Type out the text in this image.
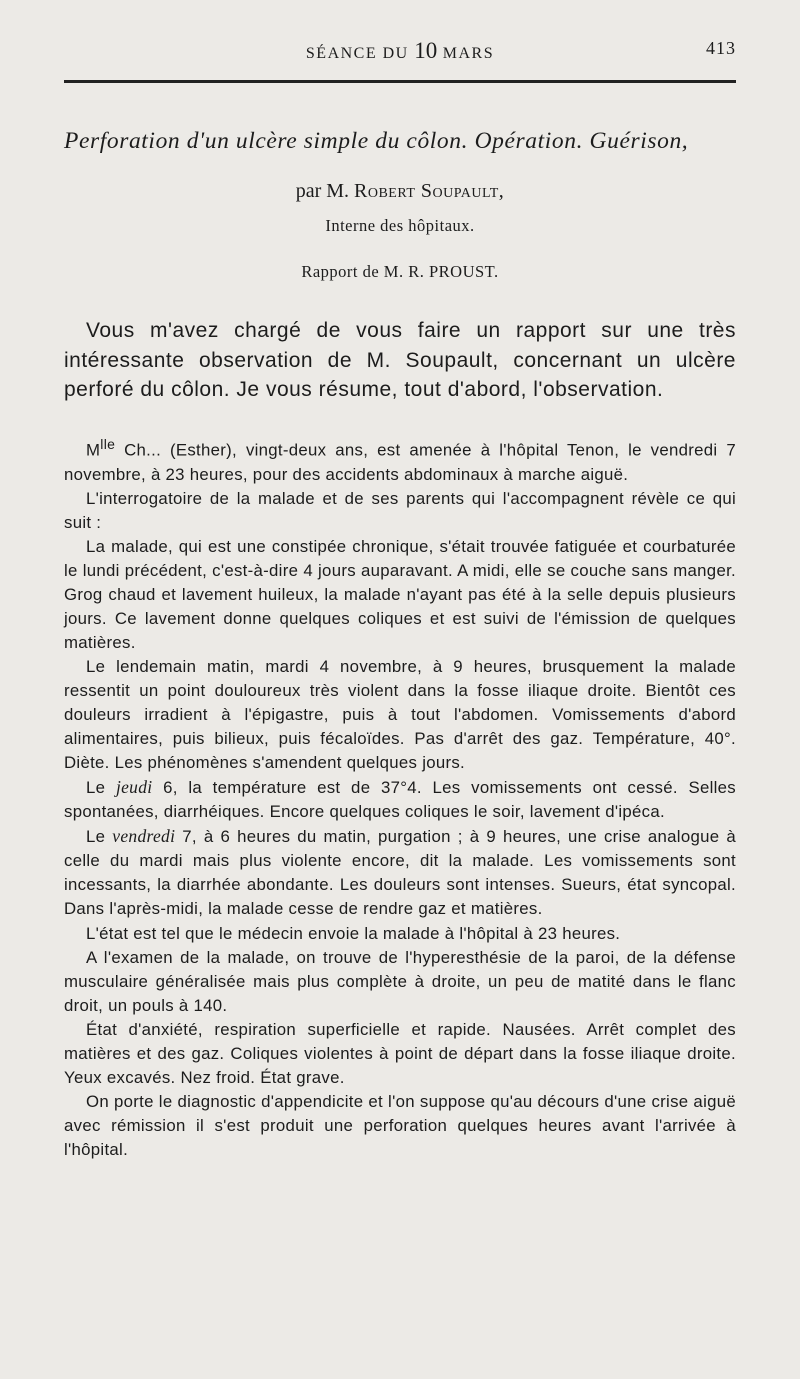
SÉANCE DU 10 MARS	413
Perforation d'un ulcère simple du côlon. Opération. Guérison,
par M. Robert Soupault,
Interne des hôpitaux.
Rapport de M. R. PROUST.

Vous m'avez chargé de vous faire un rapport sur une très intéressante observation de M. Soupault, concernant un ulcère perforé du côlon. Je vous résume, tout d'abord, l'observation.

$M^{lle}$ Ch... (Esther), vingt-deux ans, est amenée à l'hôpital Tenon, le vendredi 7 novembre, à 23 heures, pour des accidents abdominaux à marche aiguë.

L'interrogatoire de la malade et de ses parents qui l'accompagnent révèle ce qui suit :

La malade, qui est une constipée chronique, s'était trouvée fatiguée et courbaturée le lundi précédent, c'est-à-dire 4 jours auparavant. A midi, elle se couche sans manger. Grog chaud et lavement huileux, la malade n'ayant pas été à la selle depuis plusieurs jours. Ce lavement donne quelques coliques et est suivi de l'émission de quelques matières.

Le lendemain matin, mardi 4 novembre, à 9 heures, brusquement la malade ressentit un point douloureux très violent dans la fosse iliaque droite. Bientôt ces douleurs irradient à l'épigastre, puis à tout l'abdomen. Vomissements d'abord alimentaires, puis bilieux, puis fécaloïdes. Pas d'arrêt des gaz. Température, 40°. Diète. Les phénomènes s'amendent quelques jours.

Le jeudi 6, la température est de 37°4. Les vomissements ont cessé. Selles spontanées, diarrhéiques. Encore quelques coliques le soir, lavement d'ipéca.

Le vendredi 7, à 6 heures du matin, purgation ; à 9 heures, une crise analogue à celle du mardi mais plus violente encore, dit la malade. Les vomissements sont incessants, la diarrhée abondante. Les douleurs sont intenses. Sueurs, état syncopal. Dans l'après-midi, la malade cesse de rendre gaz et matières.

L'état est tel que le médecin envoie la malade à l'hôpital à 23 heures.

A l'examen de la malade, on trouve de l'hyperesthésie de la paroi, de la défense musculaire généralisée mais plus complète à droite, un peu de matité dans le flanc droit, un pouls à 140.

État d'anxiété, respiration superficielle et rapide. Nausées. Arrêt complet des matières et des gaz. Coliques violentes à point de départ dans la fosse iliaque droite. Yeux excavés. Nez froid. État grave.

On porte le diagnostic d'appendicite et l'on suppose qu'au décours d'une crise aiguë avec rémission il s'est produit une perforation quelques heures avant l'arrivée à l'hôpital.
